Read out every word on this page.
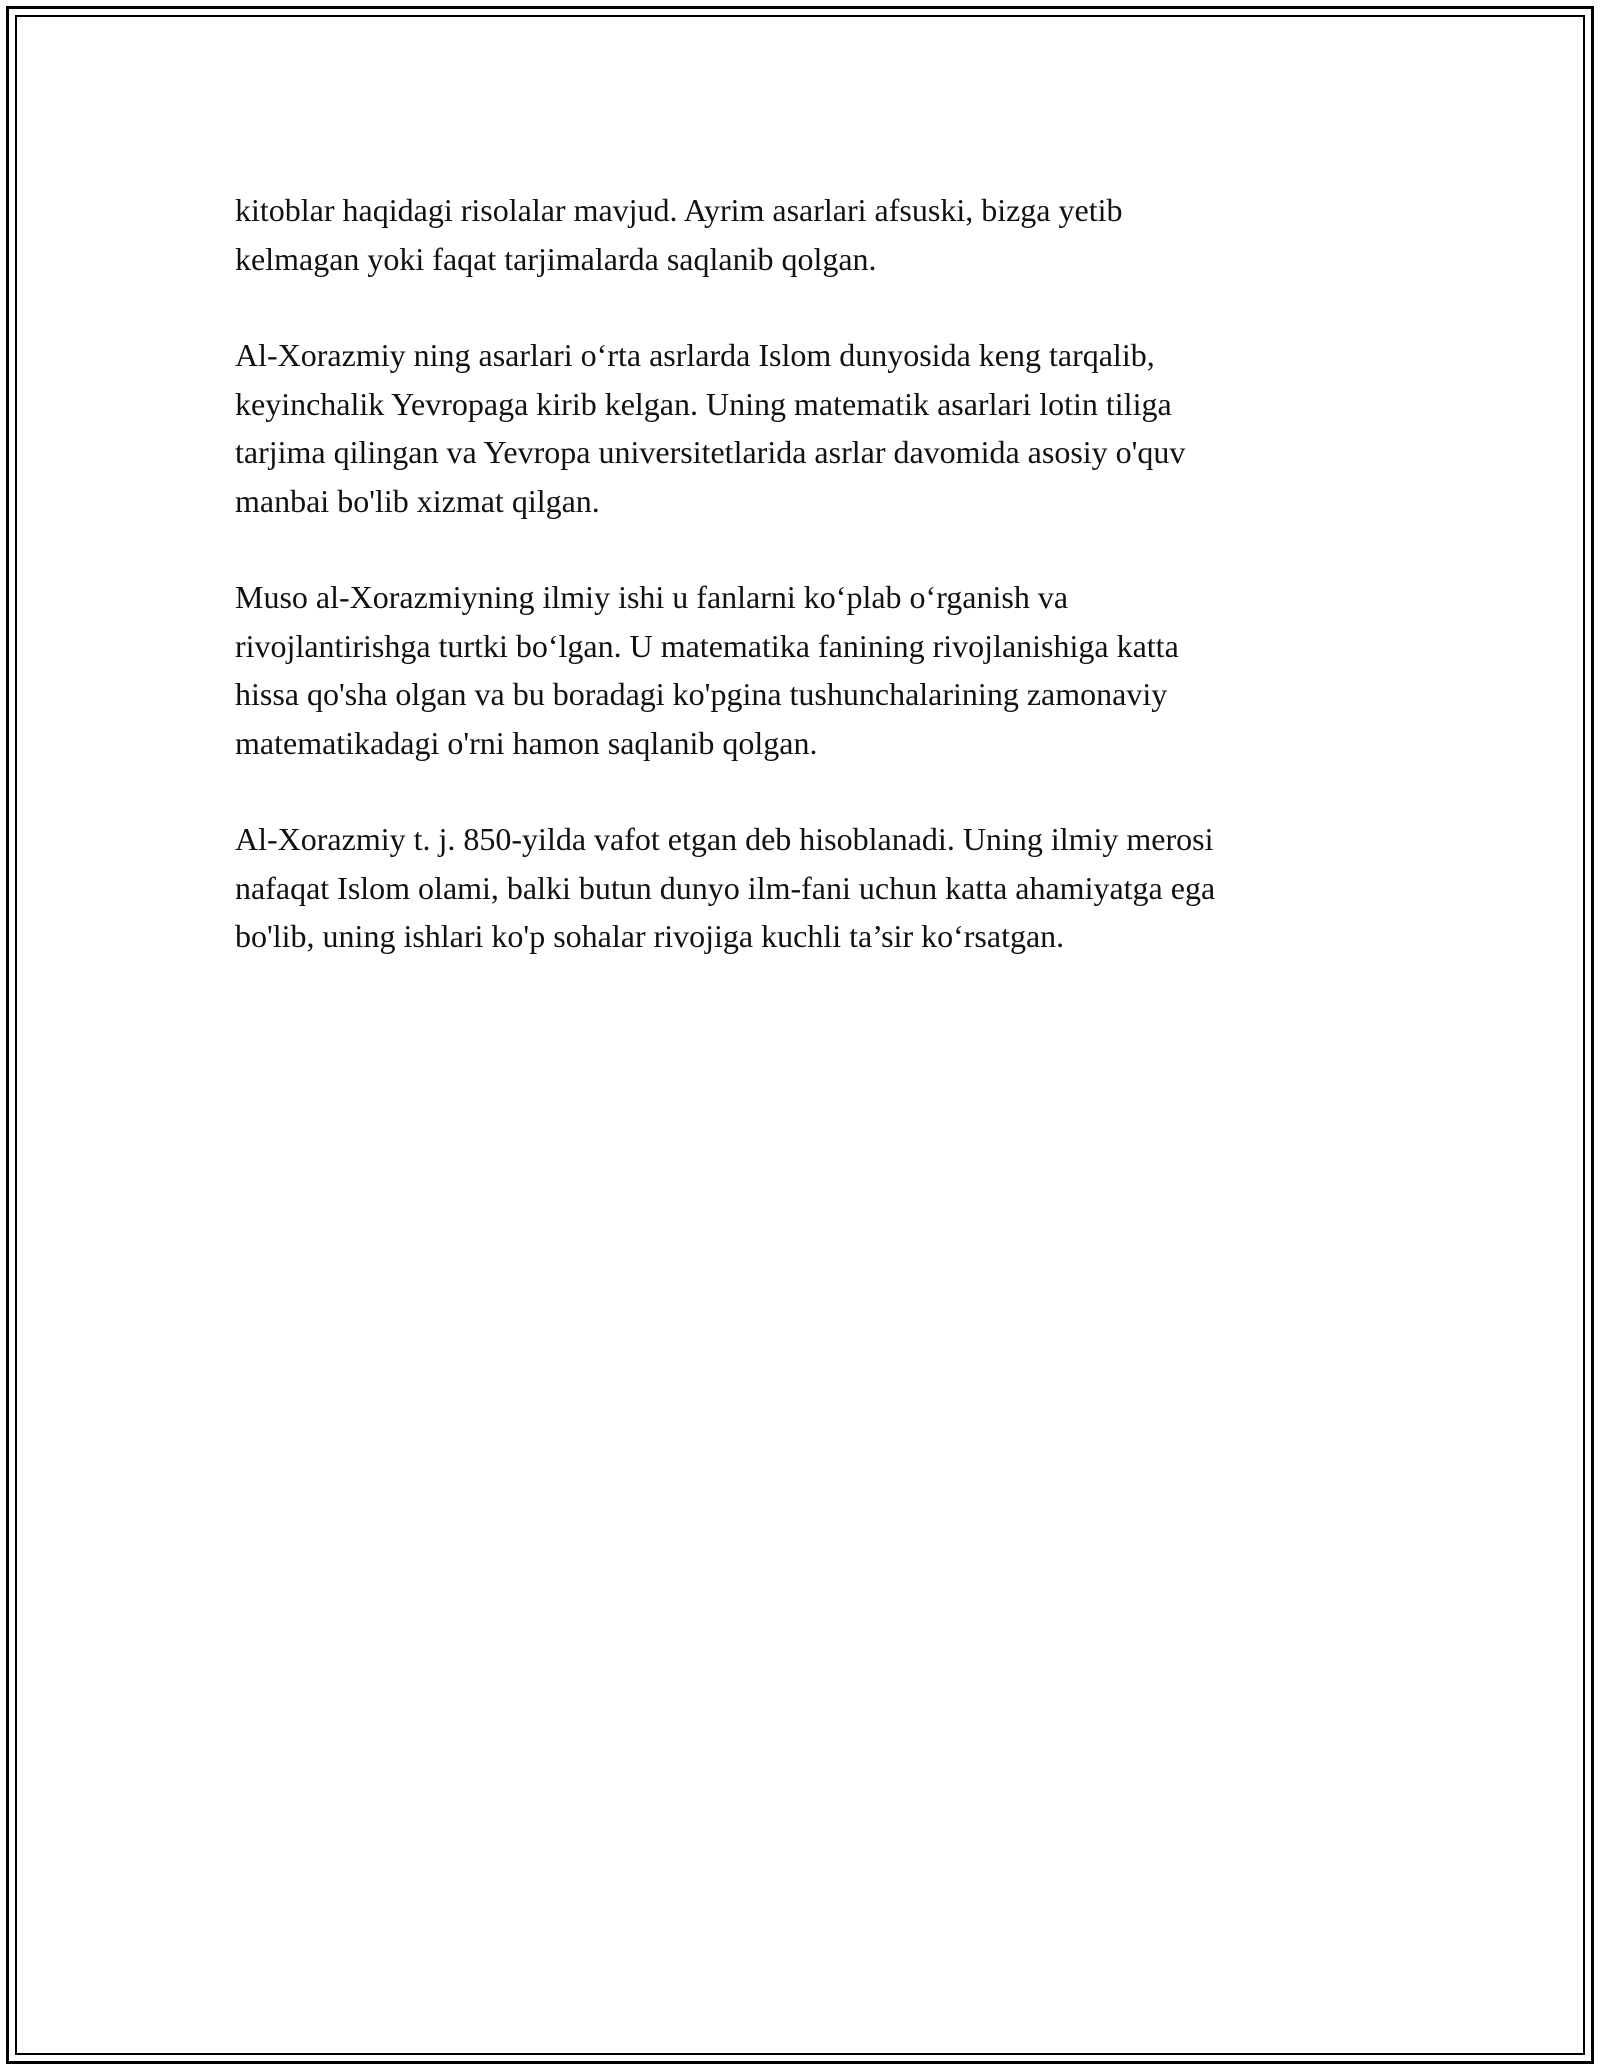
kitoblar haqidagi risolalar mavjud. Ayrim asarlari afsuski, bizga yetib
kelmagan yoki faqat tarjimalarda saqlanib qolgan.

Al-Xorazmiy ning asarlari o‘rta asrlarda Islom dunyosida keng tarqalib,
keyinchalik Yevropaga kirib kelgan. Uning matematik asarlari lotin tiliga
tarjima qilingan va Yevropa universitetlarida asrlar davomida asosiy o'quv
manbai bo'lib xizmat qilgan.

Muso al-Xorazmiyning ilmiy ishi u fanlarni ko‘plab o‘rganish va
rivojlantirishga turtki bo‘lgan. U matematika fanining rivojlanishiga katta
hissa qo'sha olgan va bu boradagi ko'pgina tushunchalarining zamonaviy
matematikadagi o'rni hamon saqlanib qolgan.

Al-Xorazmiy t. j. 850-yilda vafot etgan deb hisoblanadi. Uning ilmiy merosi
nafaqat Islom olami, balki butun dunyo ilm-fani uchun katta ahamiyatga ega
bo'lib, uning ishlari ko'p sohalar rivojiga kuchli ta’sir ko‘rsatgan.
